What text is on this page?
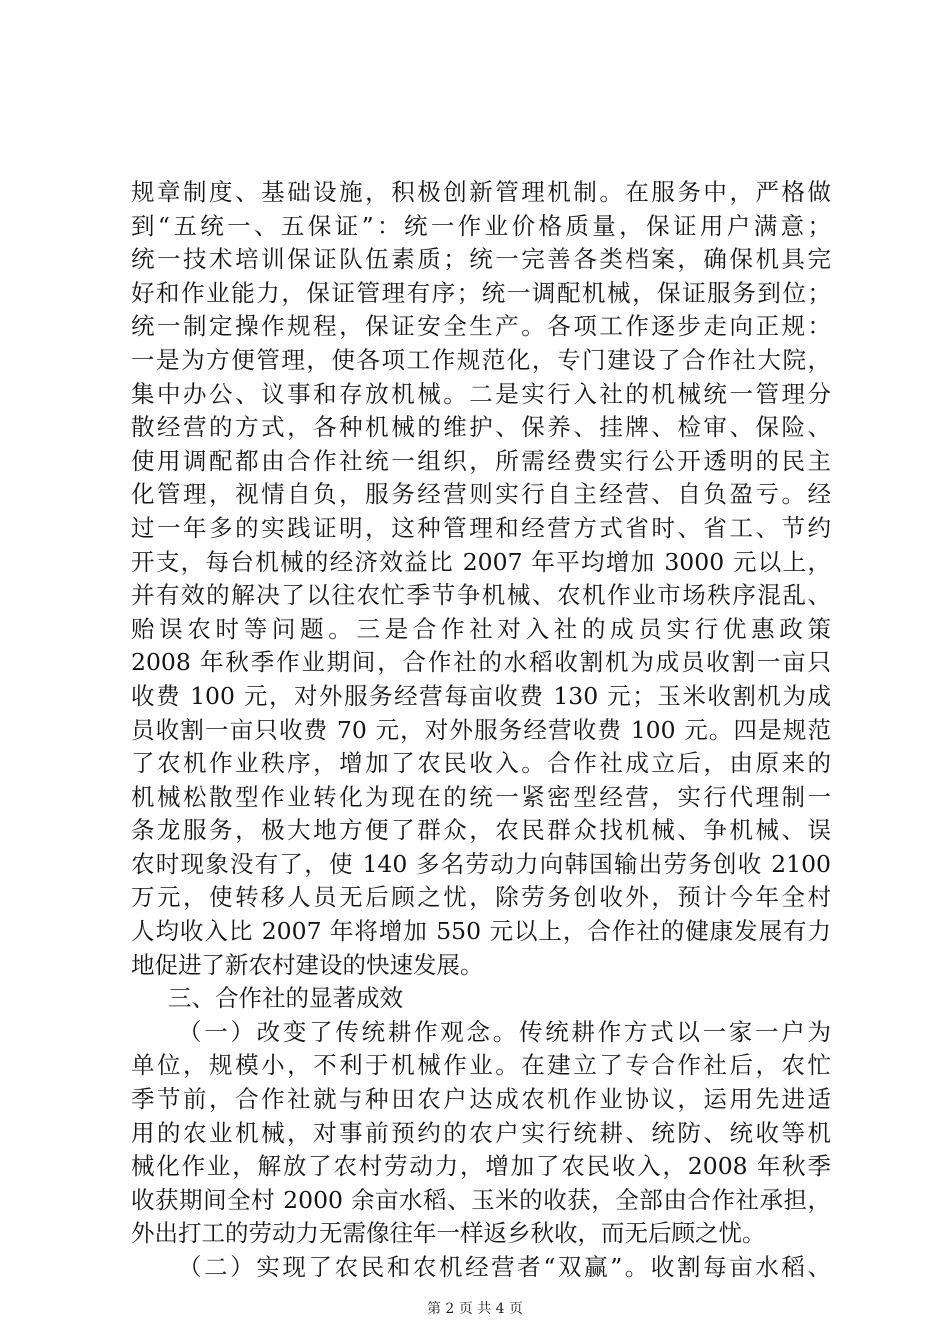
规章制度、基础设施，积极创新管理机制。在服务中，严格做
到“五统一、五保证”：统一作业价格质量，保证用户满意；
统一技术培训保证队伍素质；统一完善各类档案，确保机具完
好和作业能力，保证管理有序；统一调配机械，保证服务到位；
统一制定操作规程，保证安全生产。各项工作逐步走向正规：
一是为方便管理，使各项工作规范化，专门建设了合作社大院，
集中办公、议事和存放机械。二是实行入社的机械统一管理分
散经营的方式，各种机械的维护、保养、挂牌、检审、保险、
使用调配都由合作社统一组织，所需经费实行公开透明的民主
化管理，视情自负，服务经营则实行自主经营、自负盈亏。经
过一年多的实践证明，这种管理和经营方式省时、省工、节约
开支，每台机械的经济效益比 2007 年平均增加 3000 元以上，
并有效的解决了以往农忙季节争机械、农机作业市场秩序混乱、
贻误农时等问题。三是合作社对入社的成员实行优惠政策
2008 年秋季作业期间，合作社的水稻收割机为成员收割一亩只
收费 100 元，对外服务经营每亩收费 130 元；玉米收割机为成
员收割一亩只收费 70 元，对外服务经营收费 100 元。四是规范
了农机作业秩序，增加了农民收入。合作社成立后，由原来的
机械松散型作业转化为现在的统一紧密型经营，实行代理制一
条龙服务，极大地方便了群众，农民群众找机械、争机械、误
农时现象没有了，使 140 多名劳动力向韩国输出劳务创收 2100
万元，使转移人员无后顾之忧，除劳务创收外，预计今年全村
人均收入比 2007 年将增加 550 元以上，合作社的健康发展有力
地促进了新农村建设的快速发展。
三、合作社的显著成效
（一）改变了传统耕作观念。传统耕作方式以一家一户为
单位，规模小，不利于机械作业。在建立了专合作社后，农忙
季节前，合作社就与种田农户达成农机作业协议，运用先进适
用的农业机械，对事前预约的农户实行统耕、统防、统收等机
械化作业，解放了农村劳动力，增加了农民收入，2008 年秋季
收获期间全村 2000 余亩水稻、玉米的收获，全部由合作社承担，
外出打工的劳动力无需像往年一样返乡秋收，而无后顾之忧。
（二）实现了农民和农机经营者“双赢”。收割每亩水稻、
第 2 页 共 4 页
